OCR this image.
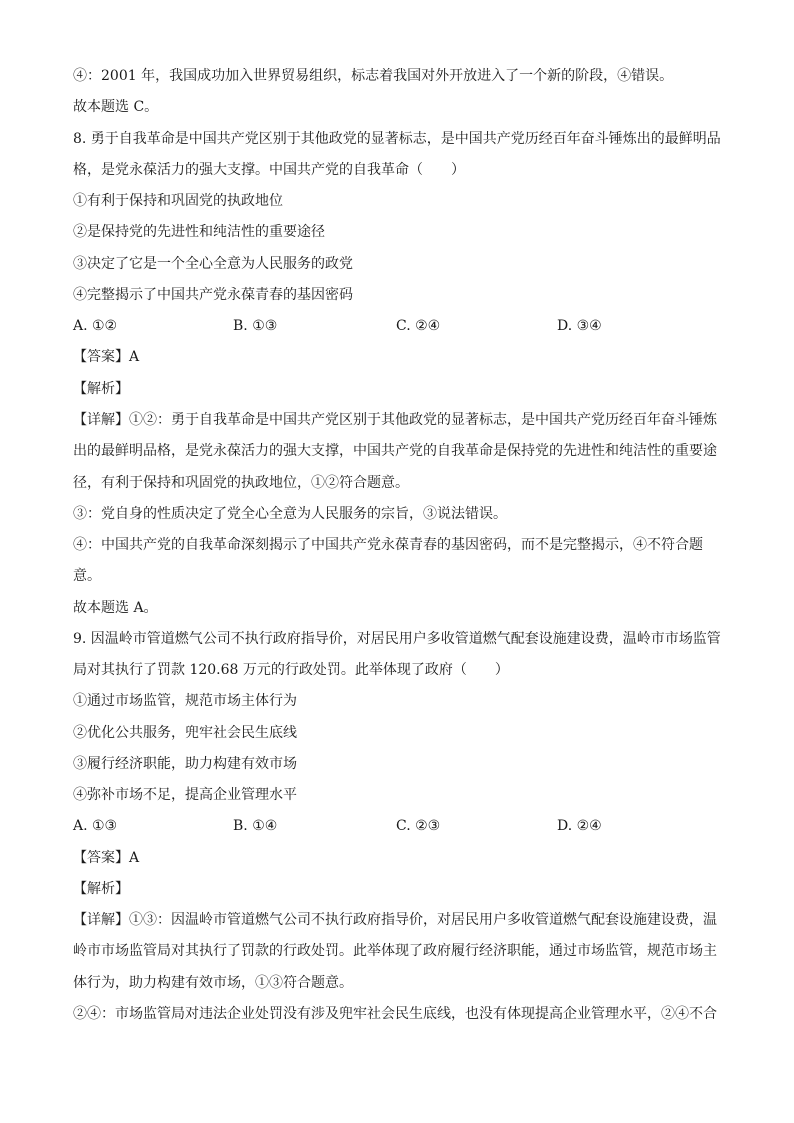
④：2001 年，我国成功加入世界贸易组织，标志着我国对外开放进入了一个新的阶段，④错误。
故本题选 C。
8. 勇于自我革命是中国共产党区别于其他政党的显著标志，是中国共产党历经百年奋斗锤炼出的最鲜明品
格，是党永葆活力的强大支撑。中国共产党的自我革命（　　）
①有利于保持和巩固党的执政地位
②是保持党的先进性和纯洁性的重要途径
③决定了它是一个全心全意为人民服务的政党
④完整揭示了中国共产党永葆青春的基因密码
A. ①②	B. ①③	C. ②④	D. ③④
【答案】A
【解析】
【详解】①②：勇于自我革命是中国共产党区别于其他政党的显著标志，是中国共产党历经百年奋斗锤炼
出的最鲜明品格，是党永葆活力的强大支撑，中国共产党的自我革命是保持党的先进性和纯洁性的重要途
径，有利于保持和巩固党的执政地位，①②符合题意。
③：党自身的性质决定了党全心全意为人民服务的宗旨，③说法错误。
④：中国共产党的自我革命深刻揭示了中国共产党永葆青春的基因密码，而不是完整揭示，④不符合题
意。
故本题选 A。
9. 因温岭市管道燃气公司不执行政府指导价，对居民用户多收管道燃气配套设施建设费，温岭市市场监管
局对其执行了罚款 120.68 万元的行政处罚。此举体现了政府（　　）
①通过市场监管，规范市场主体行为
②优化公共服务，兜牢社会民生底线
③履行经济职能，助力构建有效市场
④弥补市场不足，提高企业管理水平
A. ①③	B. ①④	C. ②③	D. ②④
【答案】A
【解析】
【详解】①③：因温岭市管道燃气公司不执行政府指导价，对居民用户多收管道燃气配套设施建设费，温
岭市市场监管局对其执行了罚款的行政处罚。此举体现了政府履行经济职能，通过市场监管，规范市场主
体行为，助力构建有效市场，①③符合题意。
②④：市场监管局对违法企业处罚没有涉及兜牢社会民生底线，也没有体现提高企业管理水平，②④不合
